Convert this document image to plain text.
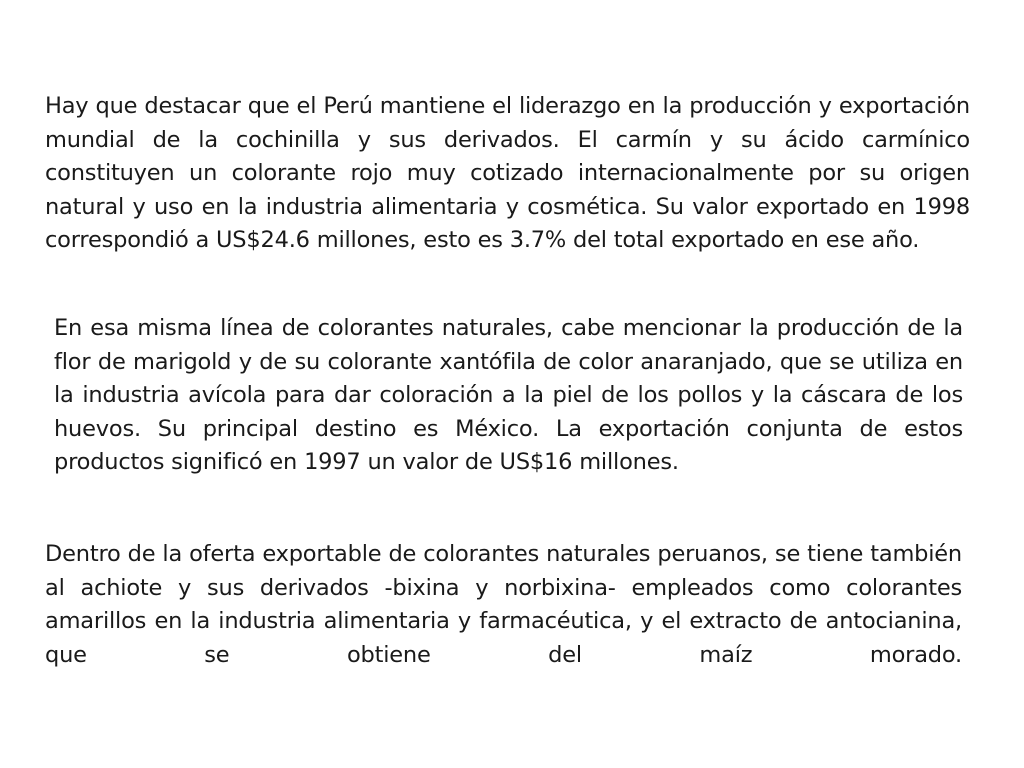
Hay que destacar que el Perú mantiene el liderazgo en la producción y exportación mundial de la cochinilla y sus derivados. El carmín y su ácido carmínico constituyen un colorante rojo muy cotizado internacionalmente por su origen natural y uso en la industria alimentaria y cosmética. Su valor exportado en 1998 correspondió a US$24.6 millones, esto es 3.7% del total exportado en ese año.

En esa misma línea de colorantes naturales, cabe mencionar la producción de la flor de marigold y de su colorante xantófila de color anaranjado, que se utiliza en la industria avícola para dar coloración a la piel de los pollos y la cáscara de los huevos. Su principal destino es México. La exportación conjunta de estos productos significó en 1997 un valor de US$16 millones.

Dentro de la oferta exportable de colorantes naturales peruanos, se tiene también al achiote y sus derivados -bixina y norbixina- empleados como colorantes amarillos en la industria alimentaria y farmacéutica, y el extracto de antocianina, que se obtiene del maíz morado.
